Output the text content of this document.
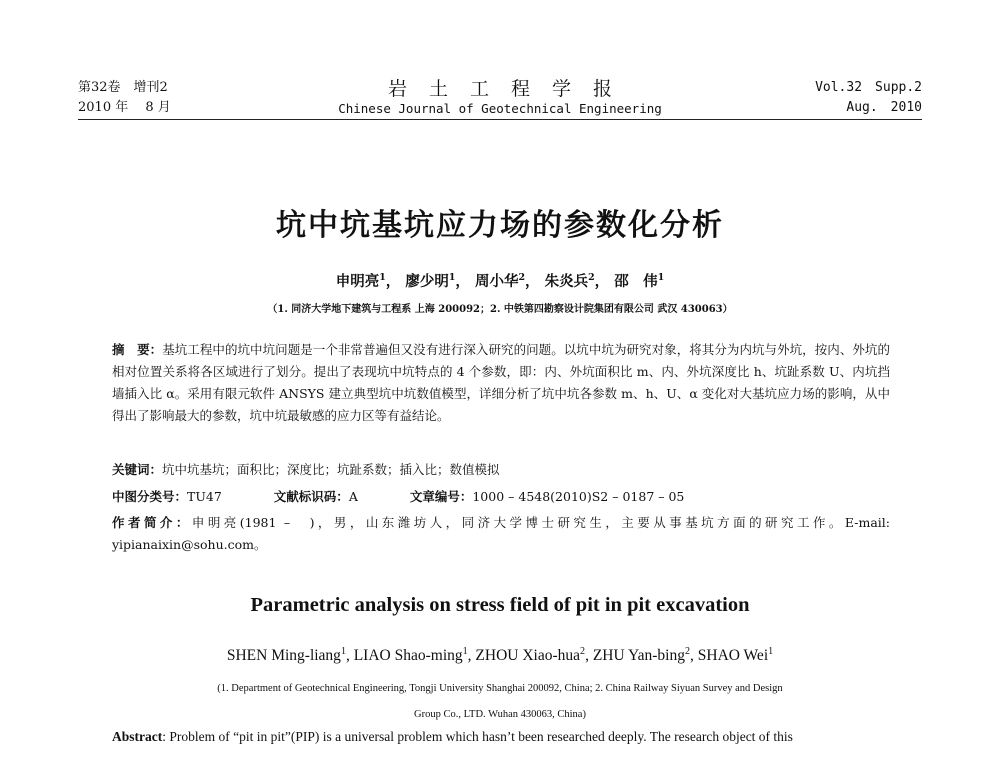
第32卷　增刊2
2010 年　 8 月
岩土工程学报
Chinese Journal of Geotechnical Engineering
Vol.32　Supp.2
Aug.　2010
坑中坑基坑应力场的参数化分析
申明亮$^1$， 廖少明$^1$， 周小华$^2$， 朱炎兵$^2$， 邵　伟$^1$
（1. 同济大学地下建筑与工程系 上海 200092；2. 中铁第四勘察设计院集团有限公司 武汉 430063）
摘　要：基坑工程中的坑中坑问题是一个非常普遍但又没有进行深入研究的问题。以坑中坑为研究对象，将其分为内坑与外坑，按内、外坑的相对位置关系将各区域进行了划分。提出了表现坑中坑特点的 4 个参数，即：内、外坑面积比 m、内、外坑深度比 h、坑趾系数 U、内坑挡墙插入比 α。采用有限元软件 ANSYS 建立典型坑中坑数值模型，详细分析了坑中坑各参数 m、h、U、α 变化对大基坑应力场的影响，从中得出了影响最大的参数，坑中坑最敏感的应力区等有益结论。
关键词：坑中坑基坑；面积比；深度比；坑趾系数；插入比；数值模拟
中图分类号：TU47	文献标识码：A	文章编号：1000 – 4548(2010)S2 – 0187 – 05
作者简介：申明亮(1981 –　)，男，山东潍坊人，同济大学博士研究生，主要从事基坑方面的研究工作。E-mail: yipianaixin@sohu.com。
Parametric analysis on stress field of pit in pit excavation
SHEN Ming-liang$^1$, LIAO Shao-ming$^1$, ZHOU Xiao-hua$^2$, ZHU Yan-bing$^2$, SHAO Wei$^1$
(1. Department of Geotechnical Engineering, Tongji University Shanghai 200092, China; 2. China Railway Siyuan Survey and Design
Group Co., LTD. Wuhan 430063, China)
Abstract: Problem of “pit in pit”(PIP) is a universal problem which hasn’t been researched deeply. The research object of this
